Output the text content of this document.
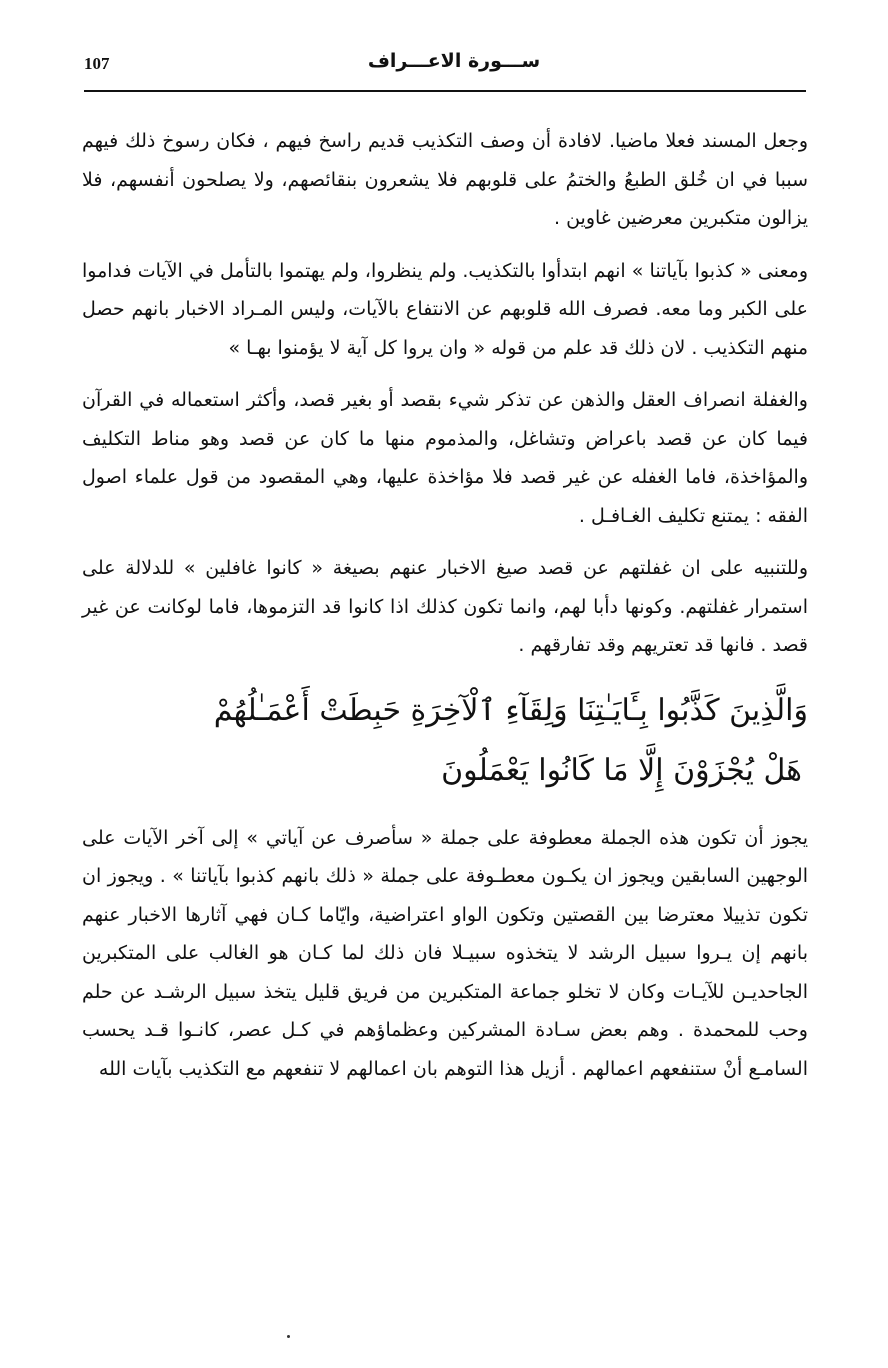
107	ســـورة الاعـــراف

وجعل المسند فعلا ماضيا. لافادة أن وصف التكذيب قديم راسخ فيهم ، فكان رسوخ ذلك فيهم سببا في ان خُلق الطبعُ والختمُ على قلوبهم فلا يشعرون بنقائصهم، ولا يصلحون أنفسهم، فلا يزالون متكبرين معرضين غاوين .

ومعنى « كذبوا بآياتنا » انهم ابتدأوا بالتكذيب. ولم ينظروا، ولم يهتموا بالتأمل في الآيات فداموا على الكبر وما معه. فصرف الله قلوبهم عن الانتفاع بالآيات، وليس المـراد الاخبار بانهم حصل منهم التكذيب . لان ذلك قد علم من قوله « وان يروا كل آية لا يؤمنوا بهـا »

والغفلة انصراف العقل والذهن عن تذكر شيء بقصد أو بغير قصد، وأكثر استعماله في القرآن فيما كان عن قصد باعراض وتشاغل، والمذموم منها ما كان عن قصد وهو مناط التكليف والمؤاخذة، فاما الغفله عن غير قصد فلا مؤاخذة عليها، وهي المقصود من قول علماء اصول الفقه : يمتنع تكليف الغـافـل .

وللتنبيه على ان غفلتهم عن قصد صيغ الاخبار عنهم بصيغة « كانوا غافلين » للدلالة على استمرار غفلتهم. وكونها دأبا لهم، وانما تكون كذلك اذا كانوا قد التزموها، فاما لوكانت عن غير قصد . فانها قد تعتريهم وقد تفارقهم .

وَالَّذِينَ كَذَّبُوا بِـَٔايَـٰتِنَا وَلِقَآءِ ٱلْآخِرَةِ حَبِطَتْ أَعْمَـٰلُهُمْ
هَلْ يُجْزَوْنَ إِلَّا مَا كَانُوا يَعْمَلُونَ

يجوز أن تكون هذه الجملة معطوفة على جملة « سأصرف عن آياتي » إلى آخر الآيات على الوجهين السابقين ويجوز ان يكـون معطـوفة على جملة « ذلك بانهم كذبوا بآياتنا » . ويجوز ان تكون تذييلا معترضا بين القصتين وتكون الواو اعتراضية، وايّاما كـان فهي آثارها الاخبار عنهم بانهم إن يـروا سبيل الرشد لا يتخذوه سبيـلا فان ذلك لما كـان هو الغالب على المتكبرين الجاحديـن للآيـات وكان لا تخلو جماعة المتكبرين من فريق قليل يتخذ سبيل الرشـد عن حلم وحب للمحمدة . وهم بعض سـادة المشركين وعظماؤهم في كـل عصر، كانـوا قـد يحسب السامـع أنْ ستنفعهم اعمالهم . أزيل هذا التوهم بان اعمالهم لا تنفعهم مع التكذيب بآيات الله
